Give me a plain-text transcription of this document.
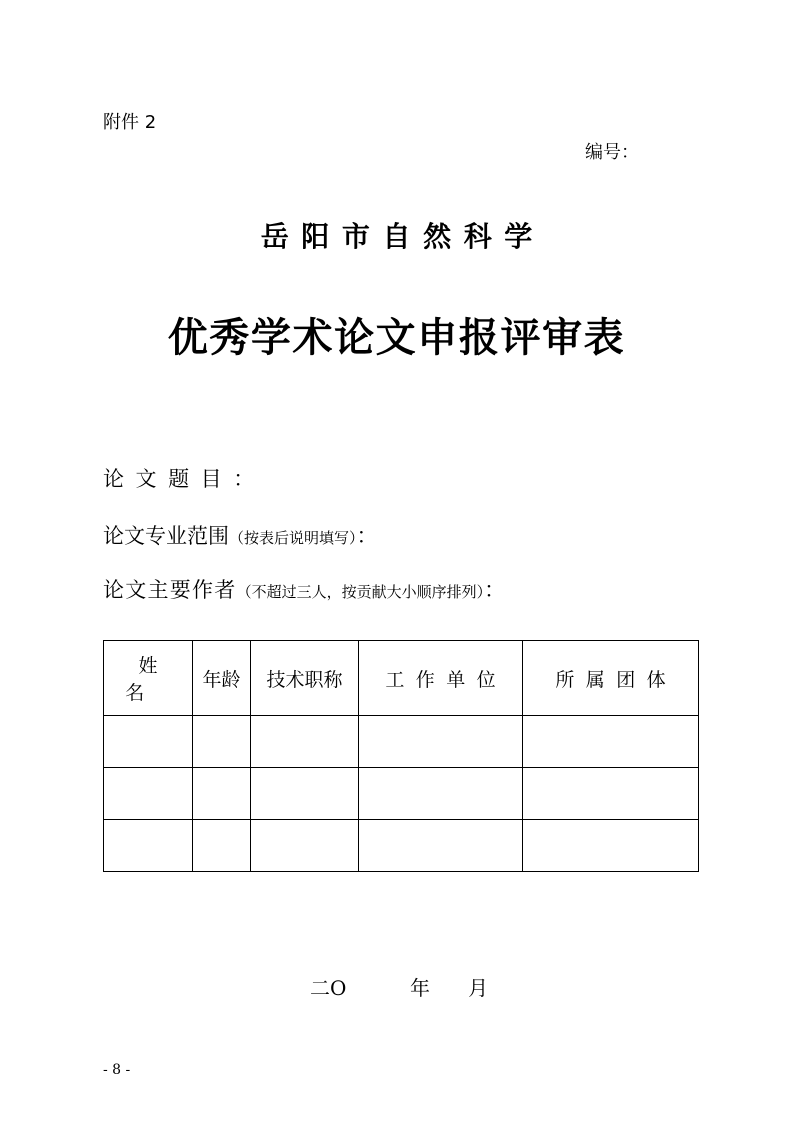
附件 2
编号：
岳阳市自然科学
优秀学术论文申报评审表
论文题目：
论文专业范围（按表后说明填写）：
论文主要作者（不超过三人，按贡献大小顺序排列）：
姓名	年龄	技术职称	工作单位	所属团体

二O	年 月
- 8 -
